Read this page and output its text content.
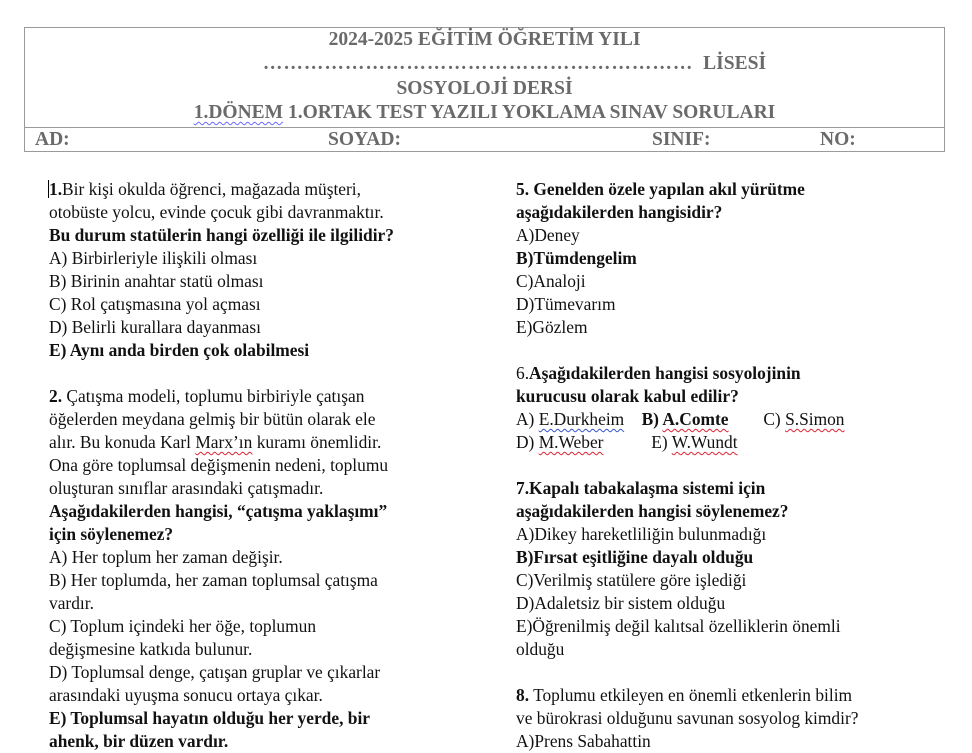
2024-2025 EĞİTİM ÖĞRETİM YILI
……………………………………………………… LİSESİ
SOSYOLOJİ DERSİ
1.DÖNEM 1.ORTAK TEST YAZILI YOKLAMA SINAV SORULARI
AD:	SOYAD:	SINIF:	NO:
1.Bir kişi okulda öğrenci, mağazada müşteri,
otobüste yolcu, evinde çocuk gibi davranmaktır.
Bu durum statülerin hangi özelliği ile ilgilidir?
A) Birbirleriyle ilişkili olması
B) Birinin anahtar statü olması
C) Rol çatışmasına yol açması
D) Belirli kurallara dayanması
E) Aynı anda birden çok olabilmesi
2. Çatışma modeli, toplumu birbiriyle çatışan
öğelerden meydana gelmiş bir bütün olarak ele
alır. Bu konuda Karl Marx’ın kuramı önemlidir.
Ona göre toplumsal değişmenin nedeni, toplumu
oluşturan sınıflar arasındaki çatışmadır.
Aşağıdakilerden hangisi, “çatışma yaklaşımı”
için söylenemez?
A) Her toplum her zaman değişir.
B) Her toplumda, her zaman toplumsal çatışma
vardır.
C) Toplum içindeki her öğe, toplumun
değişmesine katkıda bulunur.
D) Toplumsal denge, çatışan gruplar ve çıkarlar
arasındaki uyuşma sonucu ortaya çıkar.
E) Toplumsal hayatın olduğu her yerde, bir
ahenk, bir düzen vardır.
5. Genelden özele yapılan akıl yürütme
aşağıdakilerden hangisidir?
A)Deney
B)Tümdengelim
C)Analoji
D)Tümevarım
E)Gözlem
6.Aşağıdakilerden hangisi sosyolojinin
kurucusu olarak kabul edilir?
A) E.Durkheim B) A.Comte C) S.Simon
D) M.Weber	E) W.Wundt
7.Kapalı tabakalaşma sistemi için
aşağıdakilerden hangisi söylenemez?
A)Dikey hareketliliğin bulunmadığı
B)Fırsat eşitliğine dayalı olduğu
C)Verilmiş statülere göre işlediği
D)Adaletsiz bir sistem olduğu
E)Öğrenilmiş değil kalıtsal özelliklerin önemli
olduğu
8. Toplumu etkileyen en önemli etkenlerin bilim
ve bürokrasi olduğunu savunan sosyolog kimdir?
A)Prens Sabahattin
